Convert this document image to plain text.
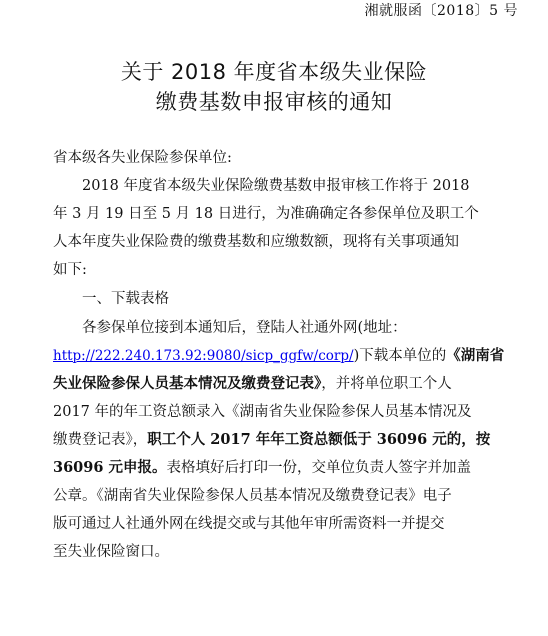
湘就服函〔2018〕5 号
关于 2018 年度省本级失业保险
缴费基数申报审核的通知
省本级各失业保险参保单位:
2018 年度省本级失业保险缴费基数申报审核工作将于 2018
年 3 月 19 日至 5 月 18 日进行，为准确确定各参保单位及职工个
人本年度失业保险费的缴费基数和应缴数额，现将有关事项通知
如下:
一、下载表格
各参保单位接到本通知后，登陆人社通外网(地址：
http://222.240.173.92:9080/sicp_ggfw/corp/)下载本单位的《湖南省
失业保险参保人员基本情况及缴费登记表》，并将单位职工个人
2017 年的年工资总额录入《湖南省失业保险参保人员基本情况及
缴费登记表》，职工个人 2017 年年工资总额低于 36096 元的，按
36096 元申报。表格填好后打印一份，交单位负责人签字并加盖
公章。《湖南省失业保险参保人员基本情况及缴费登记表》电子
版可通过人社通外网在线提交或与其他年审所需资料一并提交
至失业保险窗口。
